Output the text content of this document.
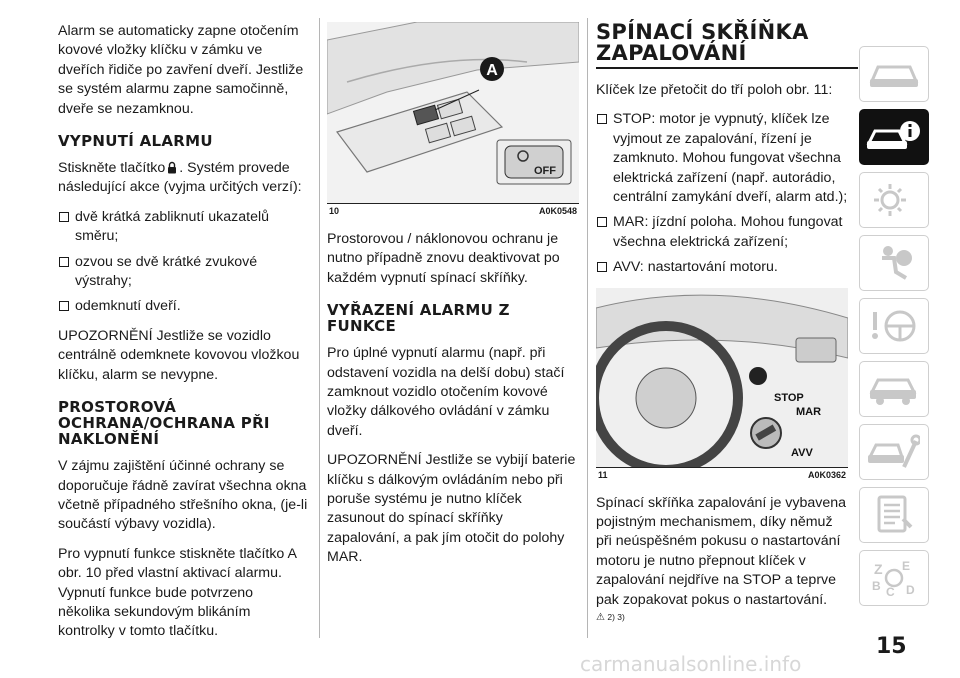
Alarm se automaticky zapne otočením kovové vložky klíčku v zámku ve dveřích řidiče po zavření dveří. Jestliže se systém alarmu zapne samočinně, dveře se nezamknou.

VYPNUTÍ ALARMU

Stiskněte tlačítko . Systém provede následující akce (vyjma určitých verzí):

dvě krátká zabliknutí ukazatelů směru;
ozvou se dvě krátké zvukové výstrahy;
odemknutí dveří.

UPOZORNĚNÍ Jestliže se vozidlo centrálně odemknete kovovou vložkou klíčku, alarm se nevypne.

PROSTOROVÁ OCHRANA/OCHRANA PŘI NAKLONĚNÍ

V zájmu zajištění účinné ochrany se doporučuje řádně zavírat všechna okna včetně případného střešního okna, (je-li součástí výbavy vozidla).

Pro vypnutí funkce stiskněte tlačítko A obr. 10 před vlastní aktivací alarmu. Vypnutí funkce bude potvrzeno několika sekundovým blikáním kontrolky v tomto tlačítku.

A
OFF
10	A0K0548

Prostorovou / náklonovou ochranu je nutno případně znovu deaktivovat po každém vypnutí spínací skříňky.

VYŘAZENÍ ALARMU Z FUNKCE

Pro úplné vypnutí alarmu (např. při odstavení vozidla na delší dobu) stačí zamknout vozidlo otočením kovové vložky dálkového ovládání v zámku dveří.

UPOZORNĚNÍ Jestliže se vybijí baterie klíčku s dálkovým ovládáním nebo při poruše systému je nutno klíček zasunout do spínací skříňky zapalování, a pak jím otočit do polohy MAR.

SPÍNACÍ SKŘÍŇKA ZAPALOVÁNÍ

Klíček lze přetočit do tří poloh obr. 11:

STOP: motor je vypnutý, klíček lze vyjmout ze zapalování, řízení je zamknuto. Mohou fungovat všechna elektrická zařízení (např. autorádio, centrální zamykání dveří, alarm atd.);
MAR: jízdní poloha. Mohou fungovat všechna elektrická zařízení;
AVV: nastartování motoru.
STOP
MAR
AVV
11	A0K0362

Spínací skříňka zapalování je vybavena pojistným mechanismem, díky němuž při neúspěšném pokusu o nastartování motoru je nutno přepnout klíček v zapalování nejdříve na STOP a teprve pak zopakovat pokus o nastartování.

⚠ 2) 3)
Z E
B C D
15
carmanualsonline.info
